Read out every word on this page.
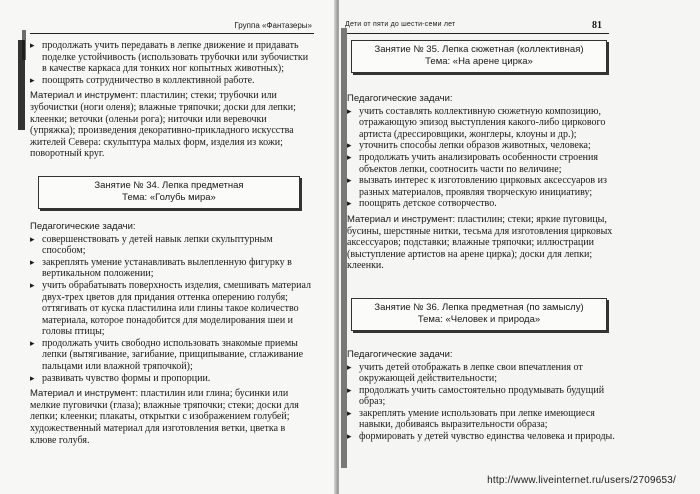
Группа «Фантазеры»
▸ продолжать учить передавать в лепке движение и придавать поделке устойчивость (использовать трубочки или зубочистки в качестве каркаса для тонких ног копытных животных);
▸ поощрять сотрудничество в коллективной работе.

Материал и инструмент: пластилин; стеки; трубочки или зубочистки (ноги оленя); влажные тряпочки; доски для лепки; клеенки; веточки (оленьи рога); ниточки или веревочки (упряжка); произведения декоративно-прикладного искусства жителей Севера: скульптура малых форм, изделия из кожи; поворотный круг.

Занятие № 34. Лепка предметная
Тема: «Голубь мира»
Педагогические задачи:
▸ совершенствовать у детей навык лепки скульптурным способом;
▸ закреплять умение устанавливать вылепленную фигурку в вертикальном положении;
▸ учить обрабатывать поверхность изделия, смешивать материал двух-трех цветов для придания оттенка оперению голубя; оттягивать от куска пластилина или глины такое количество материала, которое понадобится для моделирования шеи и головы птицы;
▸ продолжать учить свободно использовать знакомые приемы лепки (вытягивание, загибание, прищипывание, сглаживание пальцами или влажной тряпочкой);
▸ развивать чувство формы и пропорции.

Материал и инструмент: пластилин или глина; бусинки или мелкие пуговички (глаза); влажные тряпочки; стеки; доски для лепки; клеенки; плакаты, открытки с изображением голубей; художественный материал для изготовления ветки, цветка в клюве голубя.

Дети от пяти до шести-семи лет	81
Занятие № 35. Лепка сюжетная (коллективная)
Тема: «На арене цирка»
Педагогические задачи:
▸ учить составлять коллективную сюжетную композицию, отражающую эпизод выступления какого-либо циркового артиста (дрессировщики, жонглеры, клоуны и др.);
▸ уточнить способы лепки образов животных, человека;
▸ продолжать учить анализировать особенности строения объектов лепки, соотносить части по величине;
▸ вызвать интерес к изготовлению цирковых аксессуаров из разных материалов, проявляя творческую инициативу;
▸ поощрять детское сотворчество.

Материал и инструмент: пластилин; стеки; яркие пуговицы, бусины, шерстяные нитки, тесьма для изготовления цирковых аксессуаров; подставки; влажные тряпочки; иллюстрации (выступление артистов на арене цирка); доски для лепки; клеенки.

Занятие № 36. Лепка предметная (по замыслу)
Тема: «Человек и природа»
Педагогические задачи:
▸ учить детей отображать в лепке свои впечатления от окружающей действительности;
▸ продолжать учить самостоятельно продумывать будущий образ;
▸ закреплять умение использовать при лепке имеющиеся навыки, добиваясь выразительности образа;
▸ формировать у детей чувство единства человека и природы.
http://www.liveinternet.ru/users/2709653/
